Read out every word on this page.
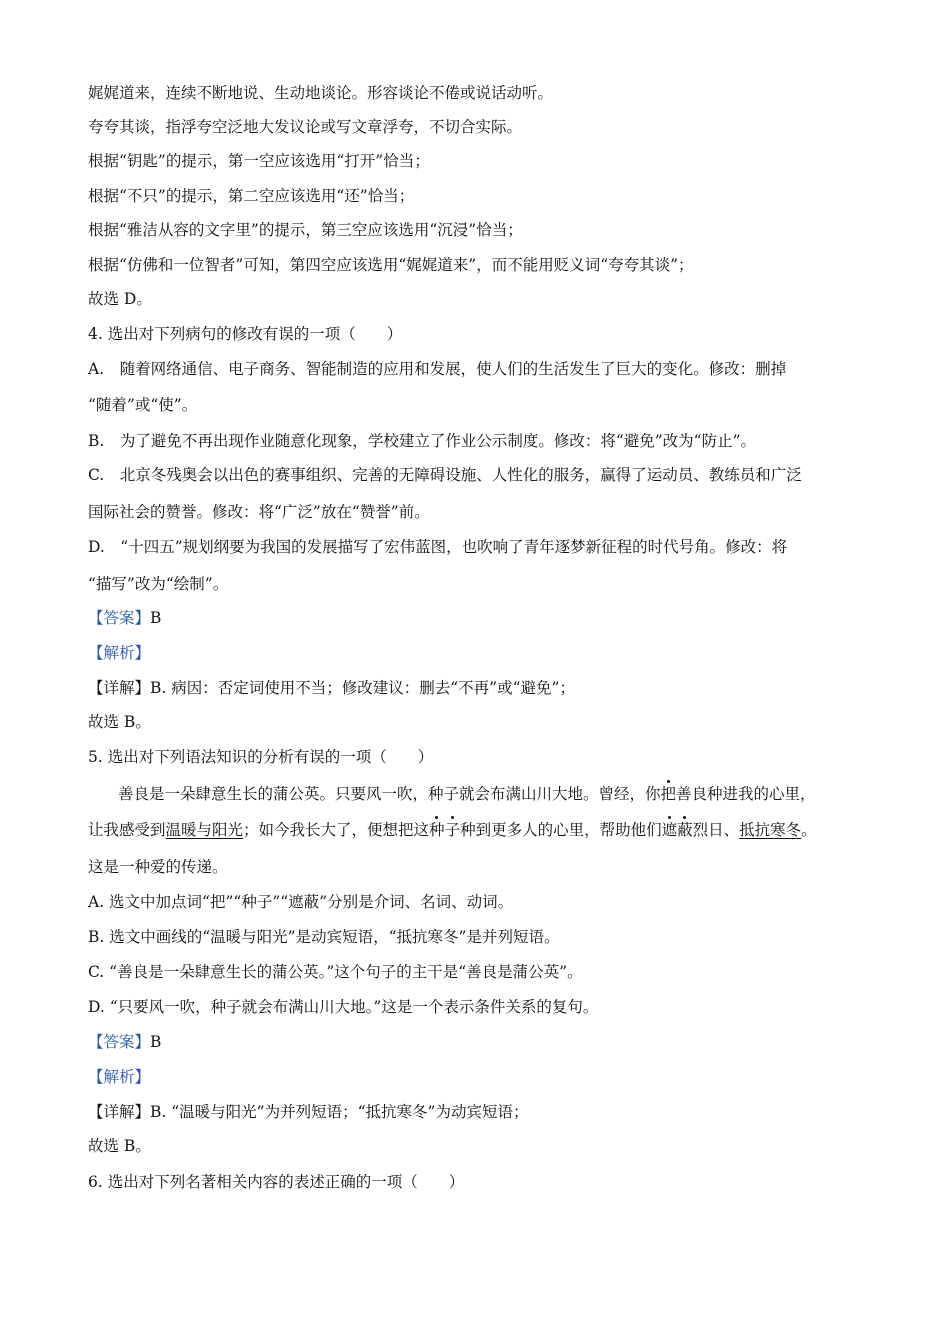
娓娓道来，连续不断地说、生动地谈论。形容谈论不倦或说话动听。

夸夸其谈，指浮夸空泛地大发议论或写文章浮夸，不切合实际。

根据“钥匙”的提示，第一空应该选用“打开”恰当；

根据“不只”的提示，第二空应该选用“还”恰当；

根据“雅洁从容的文字里”的提示，第三空应该选用“沉浸”恰当；

根据“仿佛和一位智者”可知，第四空应该选用“娓娓道来”，而不能用贬义词“夸夸其谈”；

故选 D。

4. 选出对下列病句的修改有误的一项（　　）

A.　随着网络通信、电子商务、智能制造的应用和发展，使人们的生活发生了巨大的变化。修改：删掉

“随着”或“使”。

B.　为了避免不再出现作业随意化现象，学校建立了作业公示制度。修改：将“避免”改为“防止”。

C.　北京冬残奥会以出色的赛事组织、完善的无障碍设施、人性化的服务，赢得了运动员、教练员和广泛

国际社会的赞誉。修改：将“广泛”放在“赞誉”前。

D.　“十四五”规划纲要为我国的发展描写了宏伟蓝图，也吹响了青年逐梦新征程的时代号角。修改：将

“描写”改为“绘制”。

【答案】B

【解析】

【详解】B. 病因：否定词使用不当；修改建议：删去“不再”或“避免”；

故选 B。

5. 选出对下列语法知识的分析有误的一项（　　）

善良是一朵肆意生长的蒲公英。只要风一吹，种子就会布满山川大地。曾经，你把善良种进我的心里，

让我感受到温暖与阳光；如今我长大了，便想把这种子种到更多人的心里，帮助他们遮蔽烈日、抵抗寒冬。

这是一种爱的传递。

A. 选文中加点词“把”“种子”“遮蔽”分别是介词、名词、动词。

B. 选文中画线的“温暖与阳光”是动宾短语，“抵抗寒冬”是并列短语。

C. “善良是一朵肆意生长的蒲公英。”这个句子的主干是“善良是蒲公英”。

D. “只要风一吹，种子就会布满山川大地。”这是一个表示条件关系的复句。

【答案】B

【解析】

【详解】B. “温暖与阳光”为并列短语；“抵抗寒冬”为动宾短语；

故选 B。

6. 选出对下列名著相关内容的表述正确的一项（　　）
